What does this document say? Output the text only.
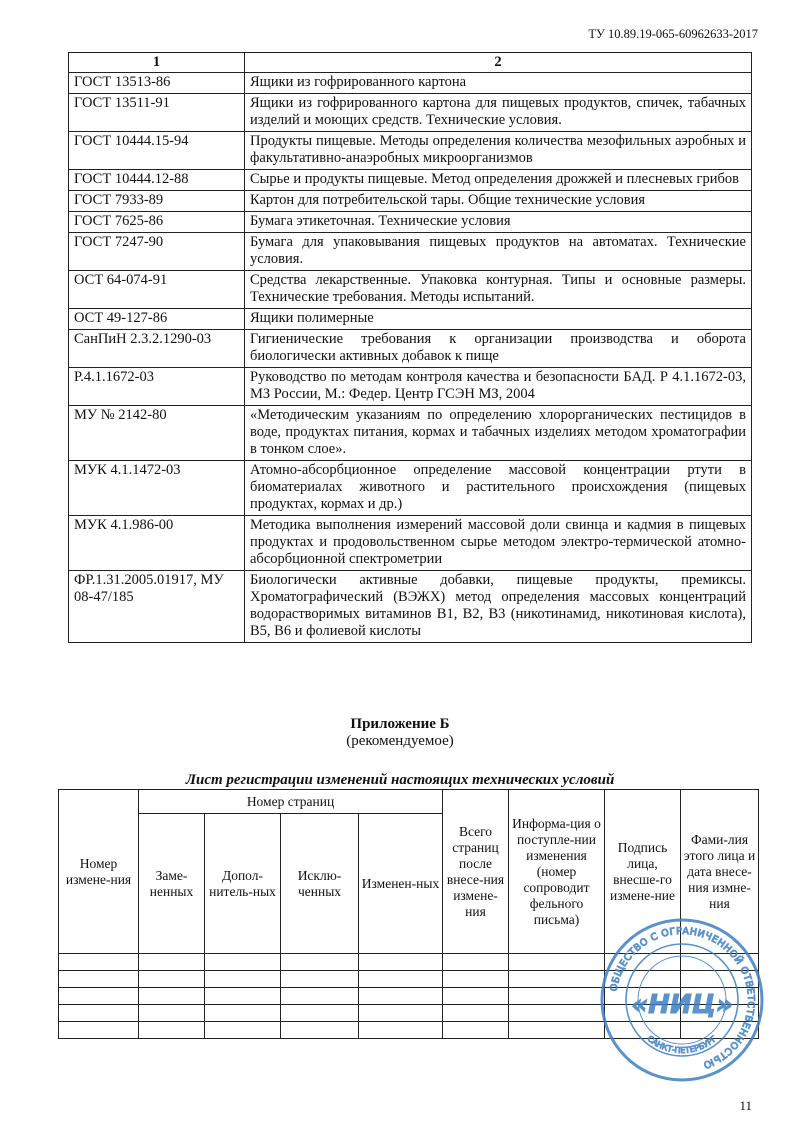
ТУ 10.89.19-065-60962633-2017
1	2
ГОСТ 13513-86	Ящики из гофрированного картона
ГОСТ 13511-91	Ящики из гофрированного картона для пищевых продуктов, спичек, табачных изделий и моющих средств. Технические условия.
ГОСТ 10444.15-94	Продукты пищевые. Методы определения количества мезофильных аэробных и факультативно-анаэробных микроорганизмов
ГОСТ 10444.12-88	Сырье и продукты пищевые. Метод определения дрожжей и плесневых грибов
ГОСТ 7933-89	Картон для потребительской тары. Общие технические условия
ГОСТ 7625-86	Бумага этикеточная. Технические условия
ГОСТ 7247-90	Бумага для упаковывания пищевых продуктов на автоматах. Технические условия.
ОСТ 64-074-91	Средства лекарственные. Упаковка контурная. Типы и основные размеры. Технические требования. Методы испытаний.
ОСТ 49-127-86	Ящики полимерные
СанПиН 2.3.2.1290-03	Гигиенические требования к организации производства и оборота биологически активных добавок к пище
Р.4.1.1672-03	Руководство по методам контроля качества и безопасности БАД. Р 4.1.1672-03, МЗ России, М.: Федер. Центр ГСЭН МЗ, 2004
МУ № 2142-80	«Методическим указаниям по определению хлорорганических пестицидов в воде, продуктах питания, кормах и табачных изделиях методом хроматографии в тонком слое».
МУК 4.1.1472-03	Атомно-абсорбционное определение массовой концентрации ртути в биоматериалах животного и растительного происхождения (пищевых продуктах, кормах и др.)
МУК 4.1.986-00	Методика выполнения измерений массовой доли свинца и кадмия в пищевых продуктах и продовольственном сырье методом электро-термической атомно-абсорбционной спектрометрии
ФР.1.31.2005.01917, МУ 08-47/185	Биологически активные добавки, пищевые продукты, премиксы. Хроматографический (ВЭЖХ) метод определения массовых концентраций водорастворимых витаминов В1, В2, В3 (никотинамид, никотиновая кислота), В5, В6 и фолиевой кислоты
Приложение Б
(рекомендуемое)
Лист регистрации изменений настоящих технических условий
Номер измене-ния	Номер страниц				Всего страниц после внесе-ния измене-ния	Информа-ция о поступле-нии изменения (номер сопроводит фельного письма)	Подпись лица, внесше-го измене-ние	Фами-лия этого лица и дата внесе-ния измне-ния
	Заме-ненных	Допол-нитель-ных	Исклю-ченных	Изменен-ных				

ОБЩЕСТВО С ОГРАНИЧЕННОЙ ОТВЕТСТВЕННОСТЬЮ
«НИЦ»
САНКТ-ПЕТЕРБУРГ
11
